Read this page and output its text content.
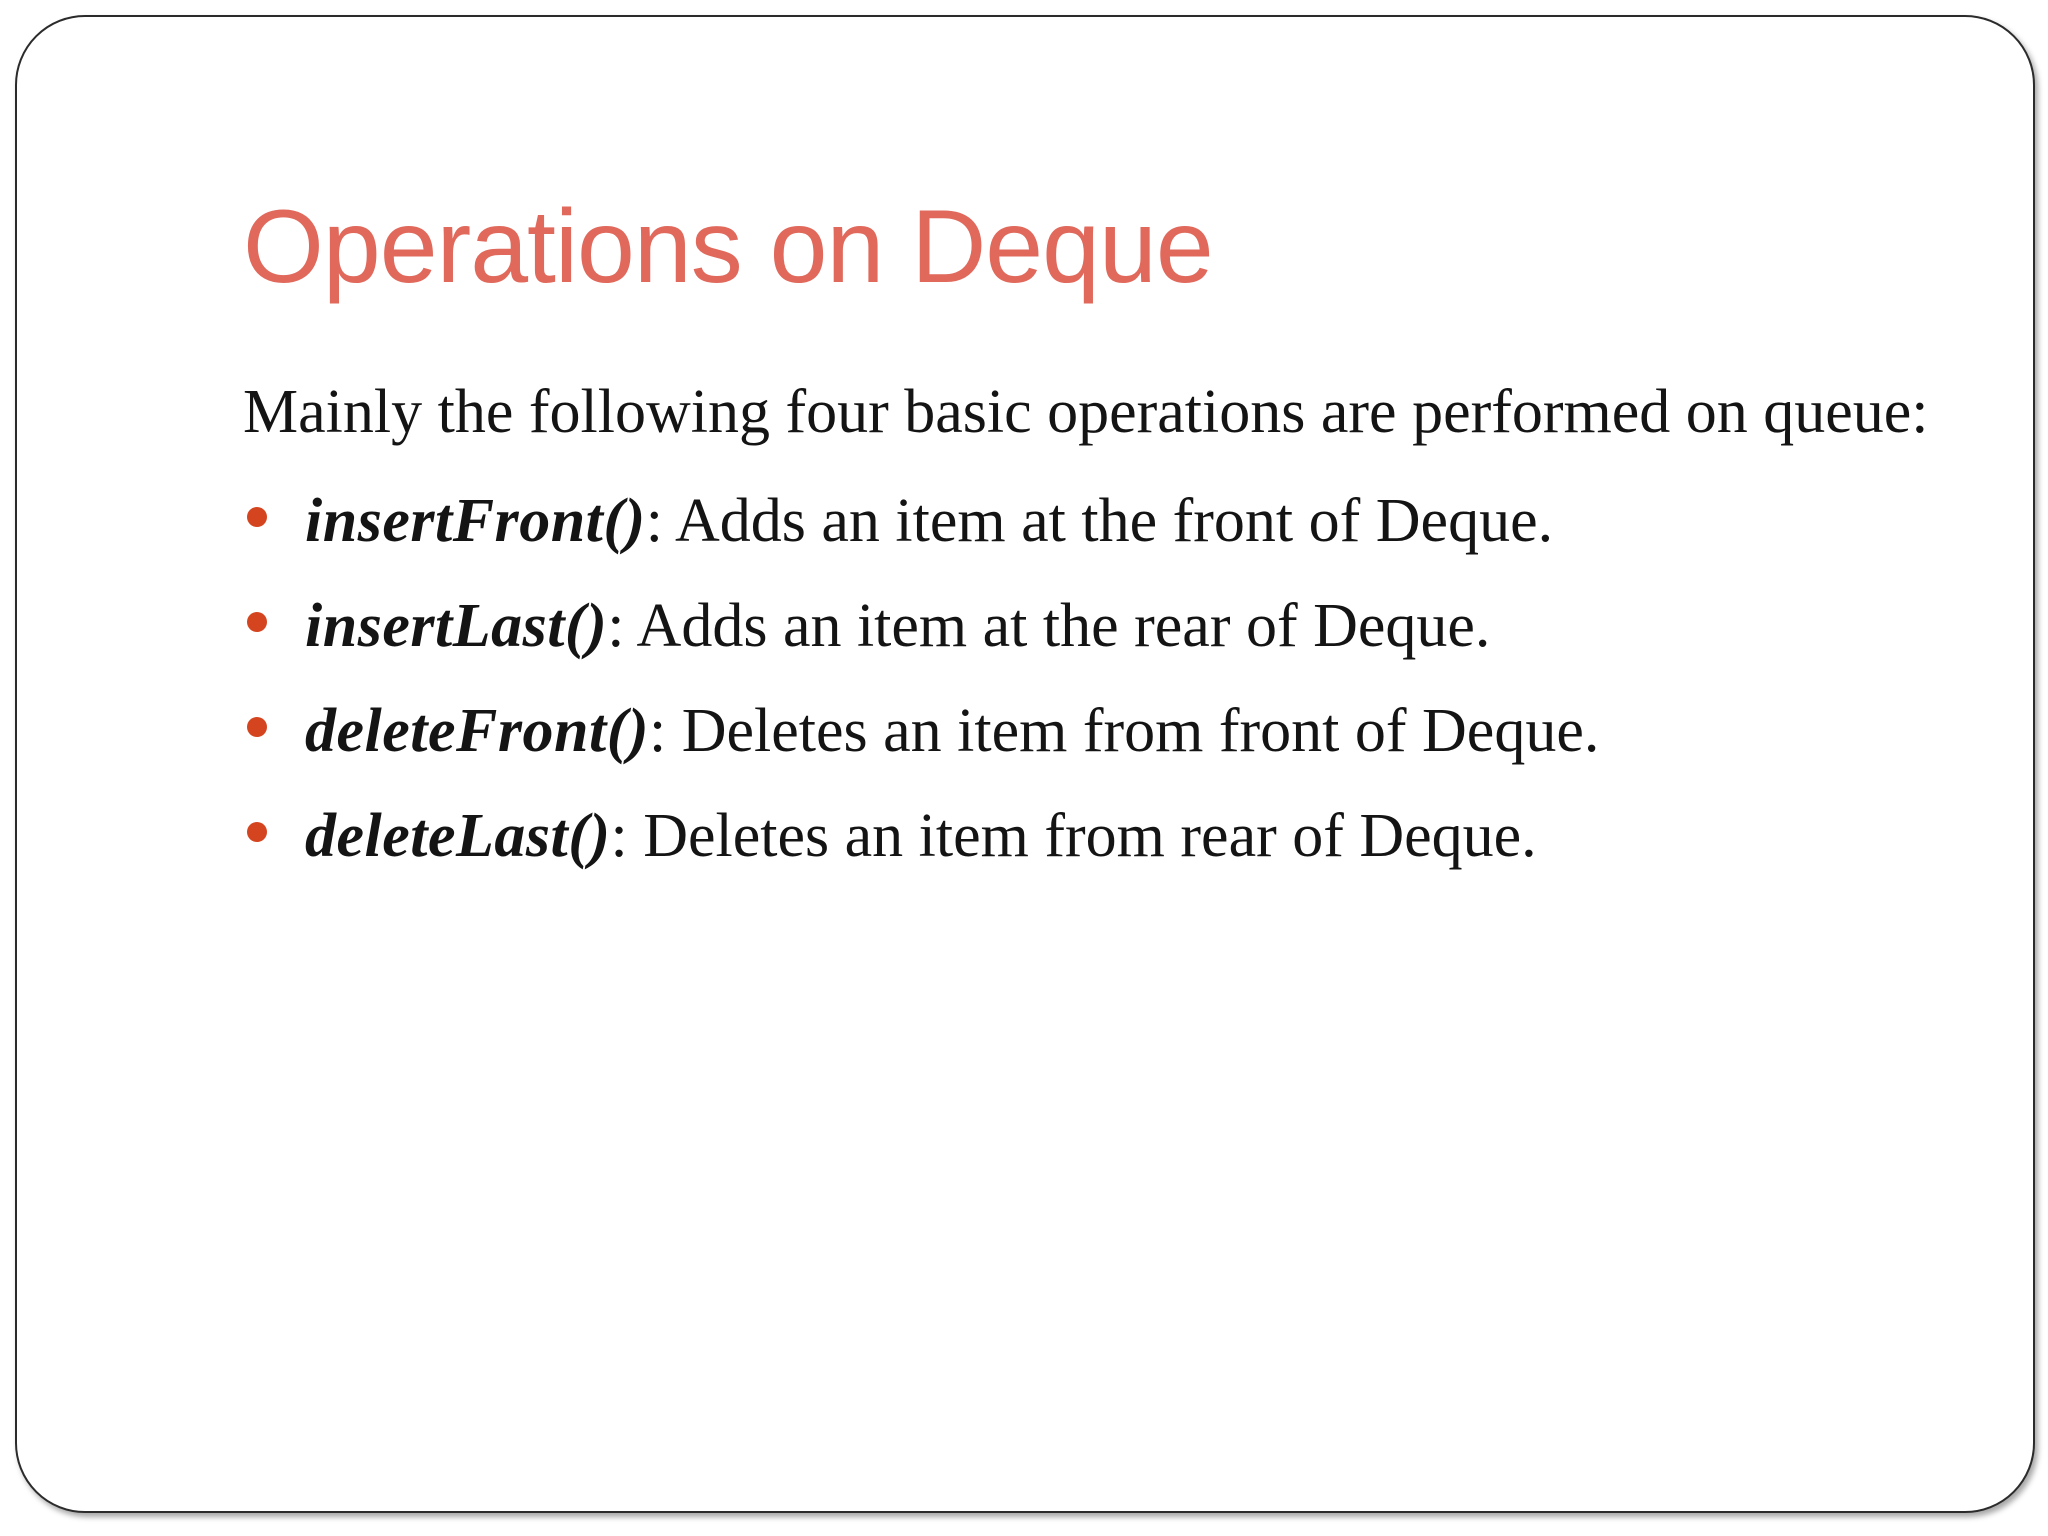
Operations on Deque

Mainly the following four basic operations are performed on queue:

insertFront(): Adds an item at the front of Deque.
insertLast(): Adds an item at the rear of Deque.
deleteFront(): Deletes an item from front of Deque.
deleteLast(): Deletes an item from rear of Deque.
